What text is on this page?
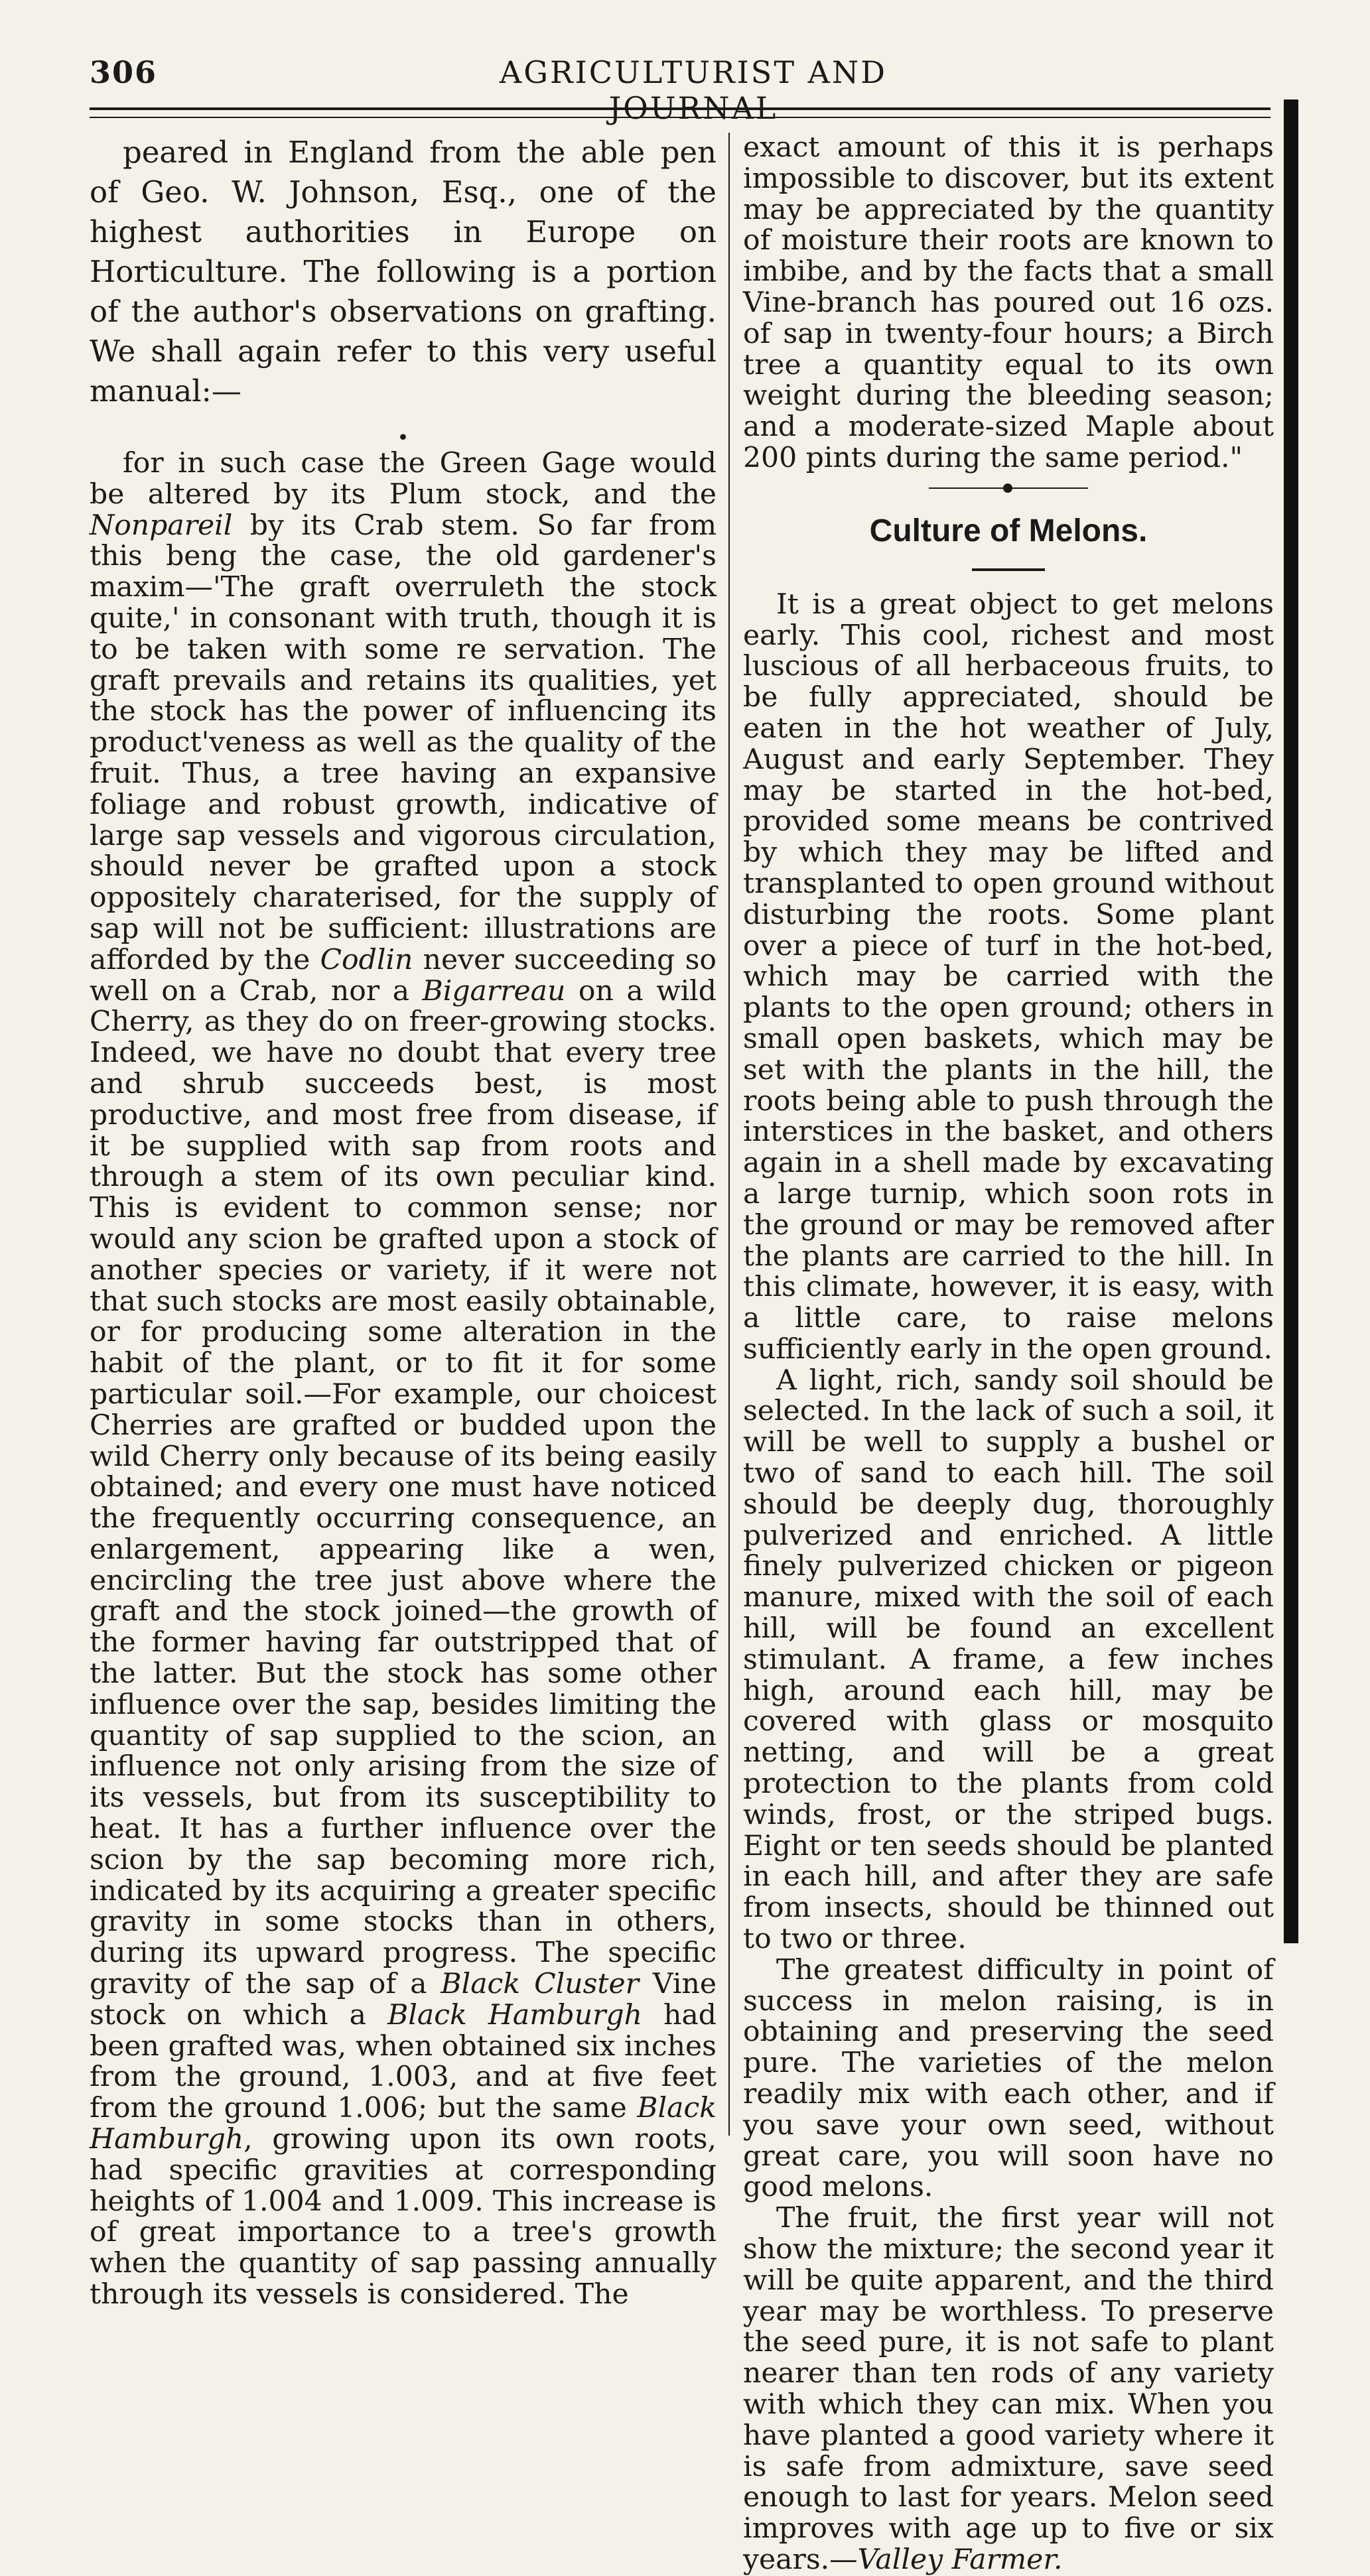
306	AGRICULTURIST AND JOURNAL

peared in England from the able pen of Geo. W. Johnson, Esq., one of the highest authorities in Europe on Horticulture. The following is a portion of the author's observations on grafting. We shall again refer to this very useful manual:—

•

for in such case the Green Gage would be altered by its Plum stock, and the Nonpareil by its Crab stem. So far from this beng the case, the old gardener's maxim—'The graft overruleth the stock quite,' in consonant with truth, though it is to be taken with some re servation. The graft prevails and retains its qualities, yet the stock has the power of influencing its product'veness as well as the quality of the fruit. Thus, a tree having an expansive foliage and robust growth, indicative of large sap vessels and vigorous circulation, should never be grafted upon a stock oppositely charaterised, for the supply of sap will not be sufficient: illustrations are afforded by the Codlin never succeeding so well on a Crab, nor a Bigarreau on a wild Cherry, as they do on freer-growing stocks. Indeed, we have no doubt that every tree and shrub succeeds best, is most productive, and most free from disease, if it be supplied with sap from roots and through a stem of its own peculiar kind. This is evident to common sense; nor would any scion be grafted upon a stock of another species or variety, if it were not that such stocks are most easily obtainable, or for producing some alteration in the habit of the plant, or to fit it for some particular soil.—For example, our choicest Cherries are grafted or budded upon the wild Cherry only because of its being easily obtained; and every one must have noticed the frequently occurring consequence, an enlargement, appearing like a wen, encircling the tree just above where the graft and the stock joined—the growth of the former having far outstripped that of the latter. But the stock has some other influence over the sap, besides limiting the quantity of sap supplied to the scion, an influence not only arising from the size of its vessels, but from its susceptibility to heat. It has a further influence over the scion by the sap becoming more rich, indicated by its acquiring a greater specific gravity in some stocks than in others, during its upward progress. The specific gravity of the sap of a Black Cluster Vine stock on which a Black Hamburgh had been grafted was, when obtained six inches from the ground, 1.003, and at five feet from the ground 1.006; but the same Black Hamburgh, growing upon its own roots, had specific gravities at corresponding heights of 1.004 and 1.009. This increase is of great importance to a tree's growth when the quantity of sap passing annually through its vessels is considered. The

exact amount of this it is perhaps impossible to discover, but its extent may be appreciated by the quantity of moisture their roots are known to imbibe, and by the facts that a small Vine-branch has poured out 16 ozs. of sap in twenty-four hours; a Birch tree a quantity equal to its own weight during the bleeding season; and a moderate-sized Maple about 200 pints during the same period."

Culture of Melons.

It is a great object to get melons early. This cool, richest and most luscious of all herbaceous fruits, to be fully appreciated, should be eaten in the hot weather of July, August and early September. They may be started in the hot-bed, provided some means be contrived by which they may be lifted and transplanted to open ground without disturbing the roots. Some plant over a piece of turf in the hot-bed, which may be carried with the plants to the open ground; others in small open baskets, which may be set with the plants in the hill, the roots being able to push through the interstices in the basket, and others again in a shell made by excavating a large turnip, which soon rots in the ground or may be removed after the plants are carried to the hill. In this climate, however, it is easy, with a little care, to raise melons sufficiently early in the open ground.

A light, rich, sandy soil should be selected. In the lack of such a soil, it will be well to supply a bushel or two of sand to each hill. The soil should be deeply dug, thoroughly pulverized and enriched. A little finely pulverized chicken or pigeon manure, mixed with the soil of each hill, will be found an excellent stimulant. A frame, a few inches high, around each hill, may be covered with glass or mosquito netting, and will be a great protection to the plants from cold winds, frost, or the striped bugs. Eight or ten seeds should be planted in each hill, and after they are safe from insects, should be thinned out to two or three.

The greatest difficulty in point of success in melon raising, is in obtaining and preserving the seed pure. The varieties of the melon readily mix with each other, and if you save your own seed, without great care, you will soon have no good melons.

The fruit, the first year will not show the mixture; the second year it will be quite apparent, and the third year may be worthless. To preserve the seed pure, it is not safe to plant nearer than ten rods of any variety with which they can mix. When you have planted a good variety where it is safe from admixture, save seed enough to last for years. Melon seed improves with age up to five or six years.—Valley Farmer.
